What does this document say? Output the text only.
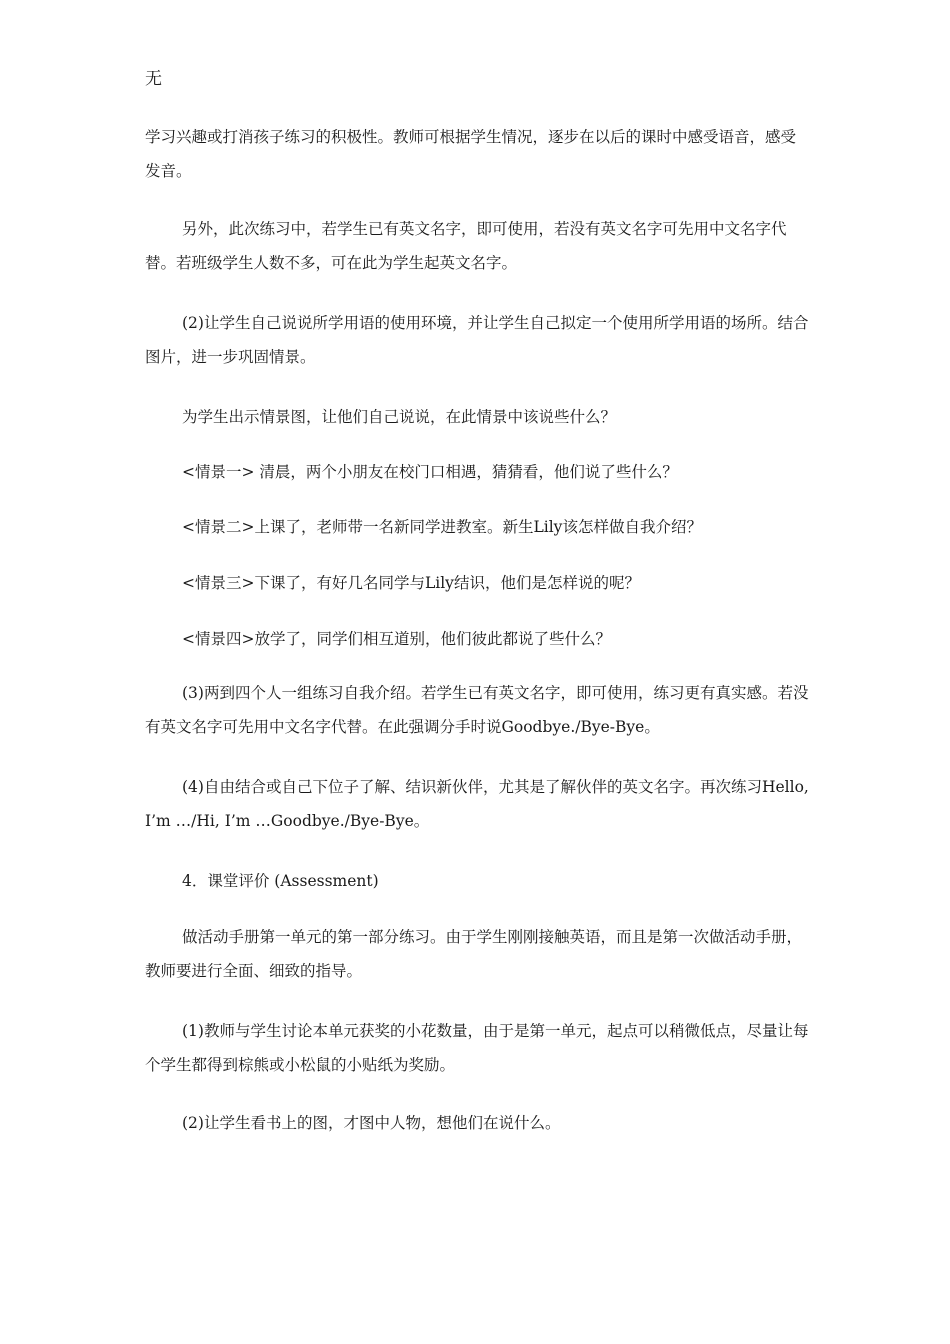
无

学习兴趣或打消孩子练习的积极性。教师可根据学生情况，逐步在以后的课时中感受语音，感受发音。

另外，此次练习中，若学生已有英文名字，即可使用，若没有英文名字可先用中文名字代替。若班级学生人数不多，可在此为学生起英文名字。

(2)让学生自己说说所学用语的使用环境，并让学生自己拟定一个使用所学用语的场所。结合图片，进一步巩固情景。

为学生出示情景图，让他们自己说说，在此情景中该说些什么？

<情景一> 清晨，两个小朋友在校门口相遇，猜猜看，他们说了些什么？

<情景二>上课了，老师带一名新同学进教室。新生Lily该怎样做自我介绍？

<情景三>下课了，有好几名同学与Lily结识，他们是怎样说的呢？

<情景四>放学了，同学们相互道别，他们彼此都说了些什么？

(3)两到四个人一组练习自我介绍。若学生已有英文名字，即可使用，练习更有真实感。若没有英文名字可先用中文名字代替。在此强调分手时说Goodbye./Bye-Bye。

(4)自由结合或自己下位子了解、结识新伙伴，尤其是了解伙伴的英文名字。再次练习Hello, I’m …/Hi, I’m …Goodbye./Bye-Bye。

4．课堂评价 (Assessment)

做活动手册第一单元的第一部分练习。由于学生刚刚接触英语，而且是第一次做活动手册，教师要进行全面、细致的指导。

(1)教师与学生讨论本单元获奖的小花数量，由于是第一单元，起点可以稍微低点，尽量让每个学生都得到棕熊或小松鼠的小贴纸为奖励。

(2)让学生看书上的图，才图中人物，想他们在说什么。
